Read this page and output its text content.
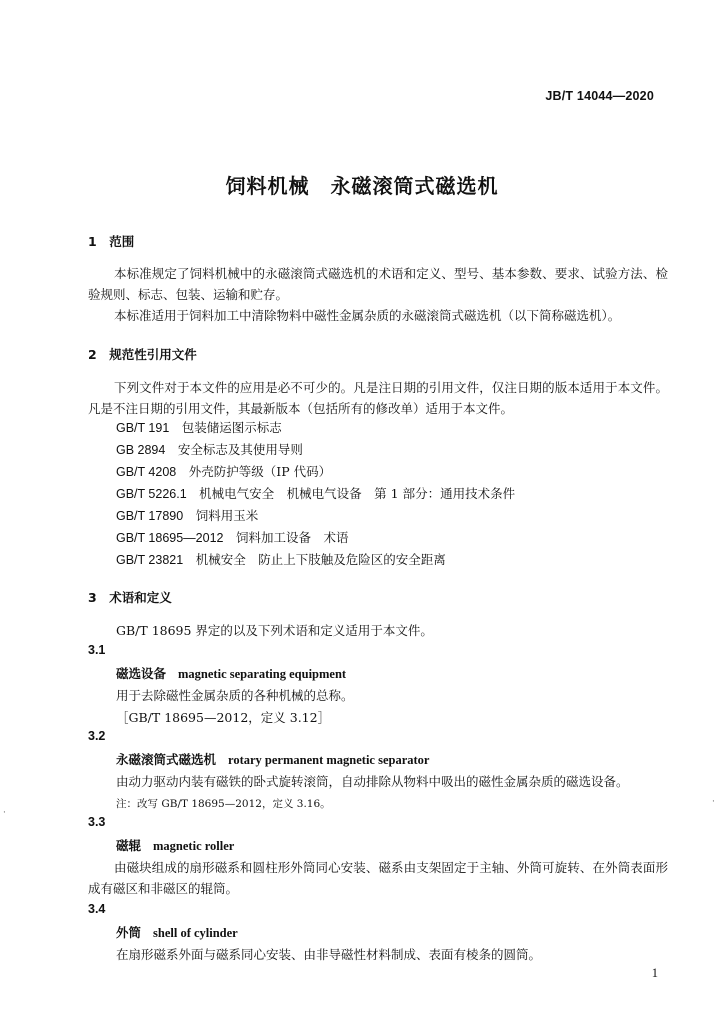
JB/T 14044—2020
饲料机械　永磁滚筒式磁选机
1　范围
本标准规定了饲料机械中的永磁滚筒式磁选机的术语和定义、型号、基本参数、要求、试验方法、检验规则、标志、包装、运输和贮存。
本标准适用于饲料加工中清除物料中磁性金属杂质的永磁滚筒式磁选机（以下简称磁选机）。
2　规范性引用文件
下列文件对于本文件的应用是必不可少的。凡是注日期的引用文件，仅注日期的版本适用于本文件。凡是不注日期的引用文件，其最新版本（包括所有的修改单）适用于本文件。
GB/T 191　 包装储运图示标志
GB 2894　 安全标志及其使用导则
GB/T 4208　 外壳防护等级（IP 代码）
GB/T 5226.1　 机械电气安全　机械电气设备　第 1 部分：通用技术条件
GB/T 17890　 饲料用玉米
GB/T 18695—2012　 饲料加工设备　术语
GB/T 23821　 机械安全　防止上下肢触及危险区的安全距离
3　术语和定义
GB/T 18695 界定的以及下列术语和定义适用于本文件。
3.1
磁选设备 magnetic separating equipment
用于去除磁性金属杂质的各种机械的总称。
［GB/T 18695—2012，定义 3.12］
3.2
永磁滚筒式磁选机 rotary permanent magnetic separator
由动力驱动内装有磁铁的卧式旋转滚筒，自动排除从物料中吸出的磁性金属杂质的磁选设备。
注：改写 GB/T 18695—2012，定义 3.16。
3.3
磁辊 magnetic roller
由磁块组成的扇形磁系和圆柱形外筒同心安装、磁系由支架固定于主轴、外筒可旋转、在外筒表面形成有磁区和非磁区的辊筒。
3.4
外筒 shell of cylinder
在扇形磁系外面与磁系同心安装、由非导磁性材料制成、表面有棱条的圆筒。
1
·
·
